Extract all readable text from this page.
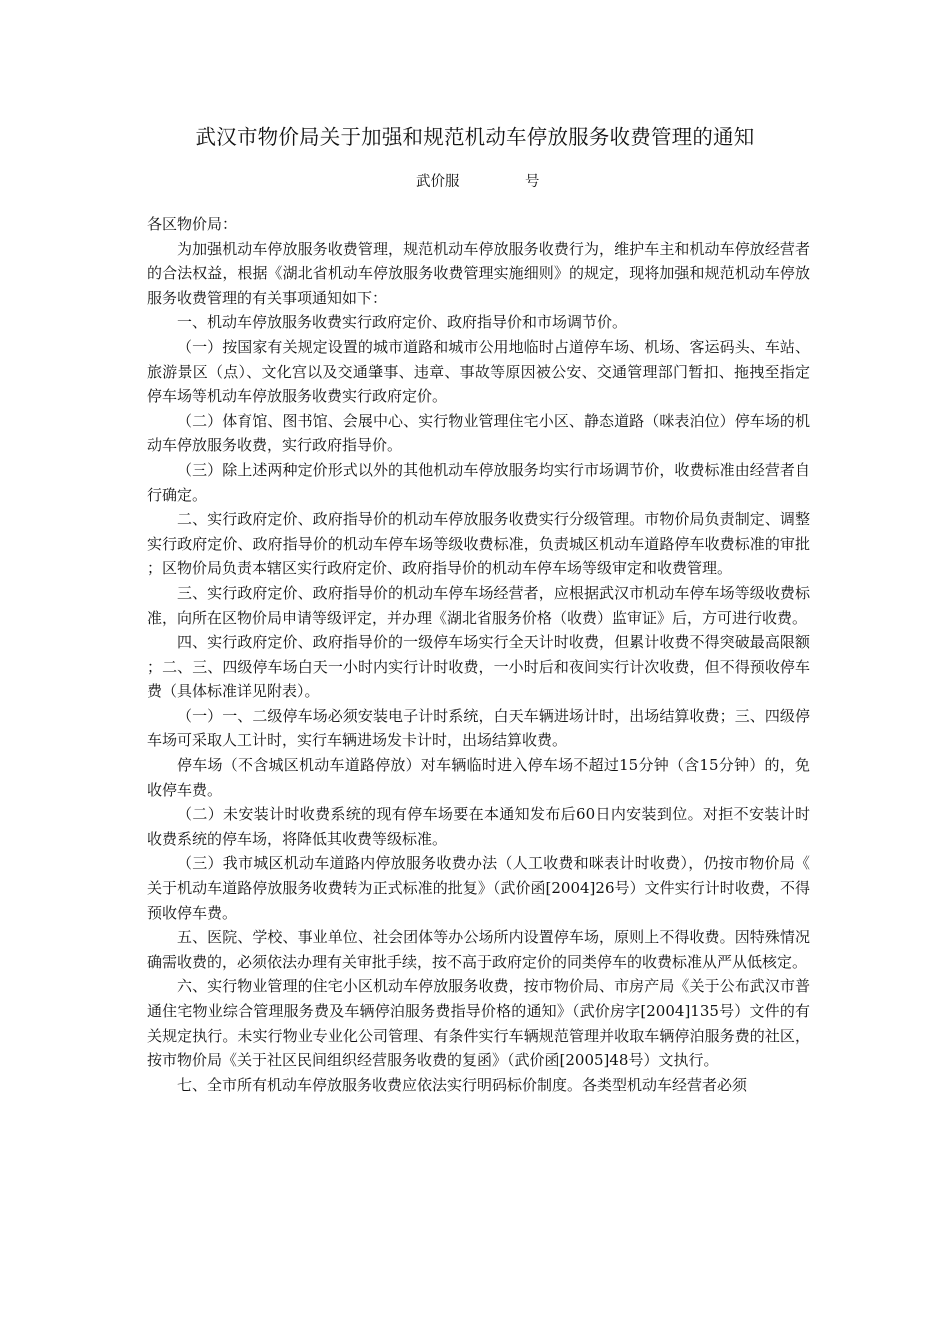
武汉市物价局关于加强和规范机动车停放服务收费管理的通知
武价服	号

各区物价局：

为加强机动车停放服务收费管理，规范机动车停放服务收费行为，维护车主和机动车停放经营者的合法权益，根据《湖北省机动车停放服务收费管理实施细则》的规定，现将加强和规范机动车停放服务收费管理的有关事项通知如下：

一、机动车停放服务收费实行政府定价、政府指导价和市场调节价。

（一）按国家有关规定设置的城市道路和城市公用地临时占道停车场、机场、客运码头、车站、旅游景区（点）、文化宫以及交通肇事、违章、事故等原因被公安、交通管理部门暂扣、拖拽至指定停车场等机动车停放服务收费实行政府定价。

（二）体育馆、图书馆、会展中心、实行物业管理住宅小区、静态道路（咪表泊位）停车场的机动车停放服务收费，实行政府指导价。

（三）除上述两种定价形式以外的其他机动车停放服务均实行市场调节价，收费标准由经营者自行确定。

二、实行政府定价、政府指导价的机动车停放服务收费实行分级管理。市物价局负责制定、调整实行政府定价、政府指导价的机动车停车场等级收费标准，负责城区机动车道路停车收费标准的审批；区物价局负责本辖区实行政府定价、政府指导价的机动车停车场等级审定和收费管理。

三、实行政府定价、政府指导价的机动车停车场经营者，应根据武汉市机动车停车场等级收费标准，向所在区物价局申请等级评定，并办理《湖北省服务价格（收费）监审证》后，方可进行收费。

四、实行政府定价、政府指导价的一级停车场实行全天计时收费，但累计收费不得突破最高限额；二、三、四级停车场白天一小时内实行计时收费，一小时后和夜间实行计次收费，但不得预收停车费（具体标准详见附表）。

（一）一、二级停车场必须安装电子计时系统，白天车辆进场计时，出场结算收费；三、四级停车场可采取人工计时，实行车辆进场发卡计时，出场结算收费。

停车场（不含城区机动车道路停放）对车辆临时进入停车场不超过15分钟（含15分钟）的，免收停车费。

（二）未安装计时收费系统的现有停车场要在本通知发布后60日内安装到位。对拒不安装计时收费系统的停车场，将降低其收费等级标准。

（三）我市城区机动车道路内停放服务收费办法（人工收费和咪表计时收费），仍按市物价局《关于机动车道路停放服务收费转为正式标准的批复》（武价函[2004]26号）文件实行计时收费，不得预收停车费。

五、医院、学校、事业单位、社会团体等办公场所内设置停车场，原则上不得收费。因特殊情况确需收费的，必须依法办理有关审批手续，按不高于政府定价的同类停车的收费标准从严从低核定。

六、实行物业管理的住宅小区机动车停放服务收费，按市物价局、市房产局《关于公布武汉市普通住宅物业综合管理服务费及车辆停泊服务费指导价格的通知》（武价房字[2004]135号）文件的有关规定执行。未实行物业专业化公司管理、有条件实行车辆规范管理并收取车辆停泊服务费的社区，按市物价局《关于社区民间组织经营服务收费的复函》（武价函[2005]48号）文执行。

七、全市所有机动车停放服务收费应依法实行明码标价制度。各类型机动车经营者必须
